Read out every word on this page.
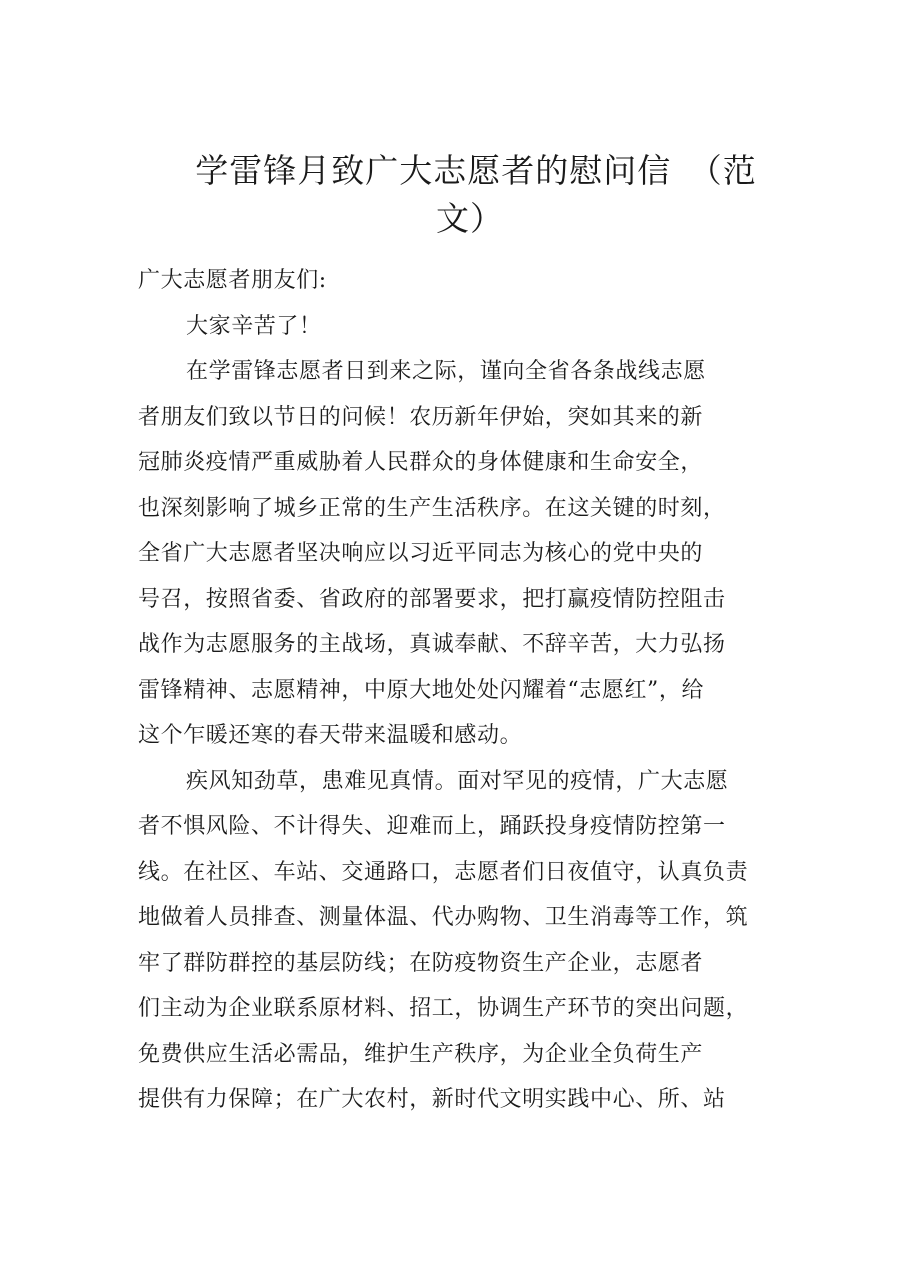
学雷锋月致广大志愿者的慰问信　（范
文）
广大志愿者朋友们:
大家辛苦了！
在学雷锋志愿者日到来之际，谨向全省各条战线志愿
者朋友们致以节日的问候！农历新年伊始，突如其来的新
冠肺炎疫情严重威胁着人民群众的身体健康和生命安全，
也深刻影响了城乡正常的生产生活秩序。在这关键的时刻，
全省广大志愿者坚决响应以习近平同志为核心的党中央的
号召，按照省委、省政府的部署要求，把打赢疫情防控阻击
战作为志愿服务的主战场，真诚奉献、不辞辛苦，大力弘扬
雷锋精神、志愿精神，中原大地处处闪耀着“志愿红”，给
这个乍暖还寒的春天带来温暖和感动。
疾风知劲草，患难见真情。面对罕见的疫情，广大志愿
者不惧风险、不计得失、迎难而上，踊跃投身疫情防控第一
线。在社区、车站、交通路口，志愿者们日夜值守，认真负责
地做着人员排查、测量体温、代办购物、卫生消毒等工作，筑
牢了群防群控的基层防线；在防疫物资生产企业，志愿者
们主动为企业联系原材料、招工，协调生产环节的突出问题，
免费供应生活必需品，维护生产秩序，为企业全负荷生产
提供有力保障；在广大农村，新时代文明实践中心、所、站
